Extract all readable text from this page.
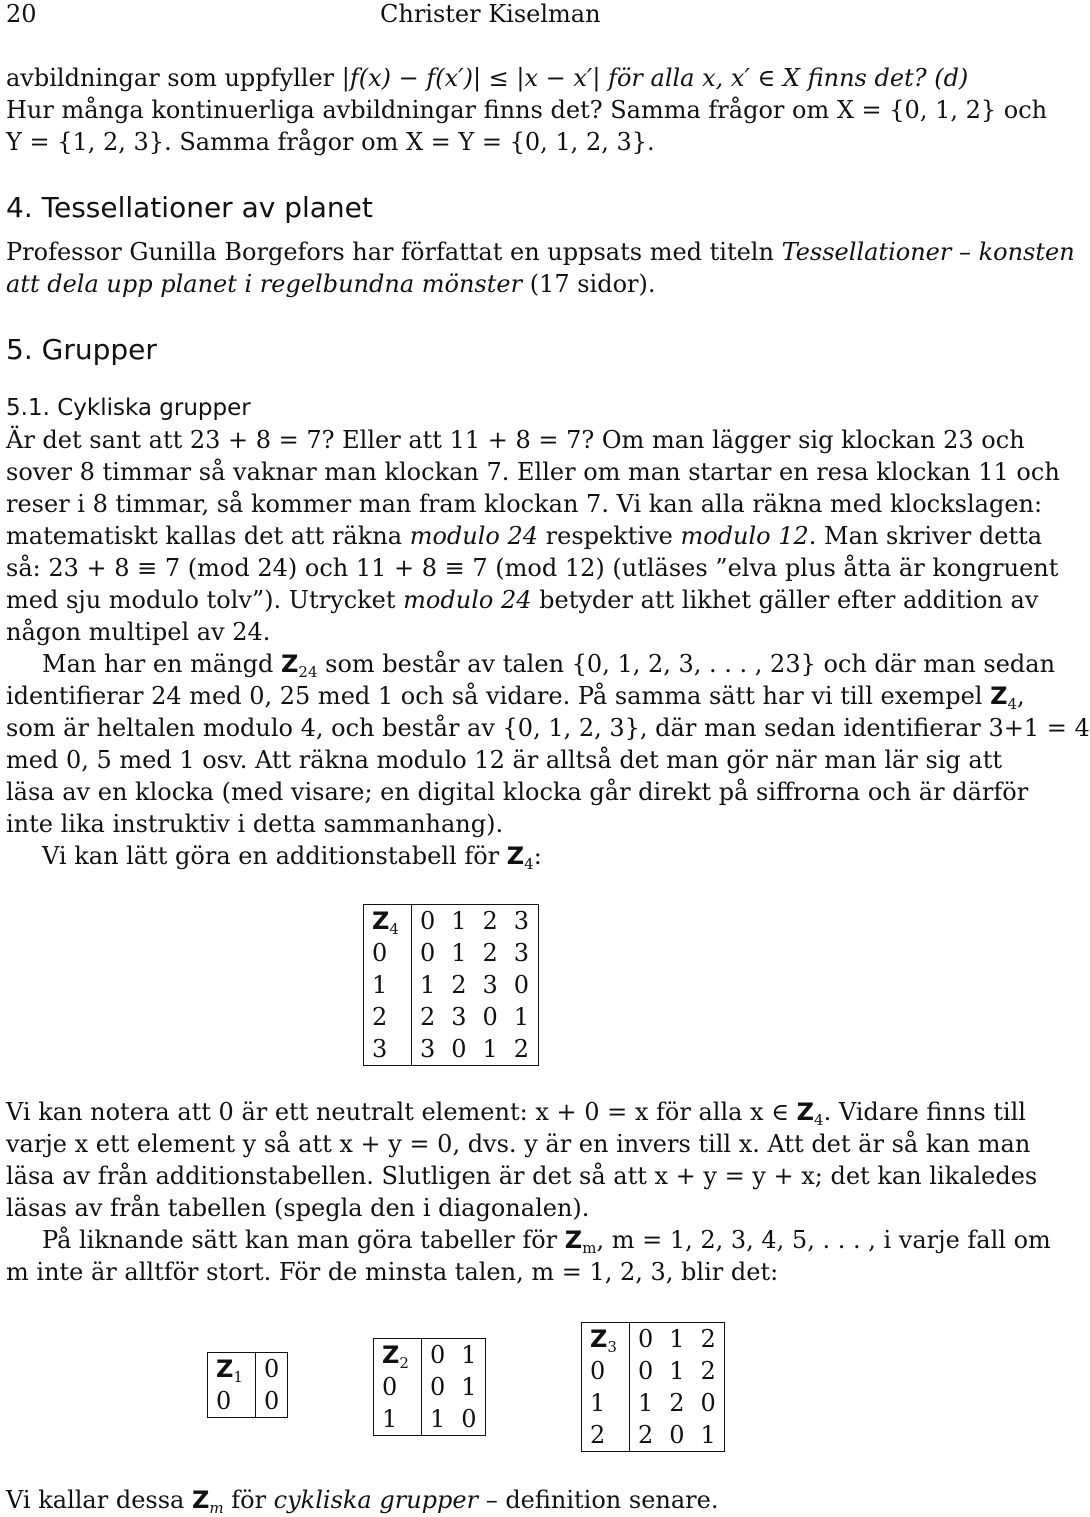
20	Christer Kiselman
avbildningar som uppfyller |f(x) − f(x′)| ≤ |x − x′| för alla x, x′ ∈ X finns det? (d)
Hur många kontinuerliga avbildningar finns det? Samma frågor om X = {0, 1, 2} och
Y = {1, 2, 3}. Samma frågor om X = Y = {0, 1, 2, 3}.
4. Tessellationer av planet
Professor Gunilla Borgefors har författat en uppsats med titeln Tessellationer – konsten
att dela upp planet i regelbundna mönster (17 sidor).
5. Grupper
5.1. Cykliska grupper
Är det sant att 23 + 8 = 7? Eller att 11 + 8 = 7? Om man lägger sig klockan 23 och
sover 8 timmar så vaknar man klockan 7. Eller om man startar en resa klockan 11 och
reser i 8 timmar, så kommer man fram klockan 7. Vi kan alla räkna med klockslagen:
matematiskt kallas det att räkna modulo 24 respektive modulo 12. Man skriver detta
så: 23 + 8 ≡ 7 (mod 24) och 11 + 8 ≡ 7 (mod 12) (utläses ”elva plus åtta är kongruent
med sju modulo tolv”). Utrycket modulo 24 betyder att likhet gäller efter addition av
någon multipel av 24.
Man har en mängd $Z_{24}$ som består av talen {0, 1, 2, 3, . . . , 23} och där man sedan
identifierar 24 med 0, 25 med 1 och så vidare. På samma sätt har vi till exempel $Z_4$,
som är heltalen modulo 4, och består av {0, 1, 2, 3}, där man sedan identifierar 3+1 = 4
med 0, 5 med 1 osv. Att räkna modulo 12 är alltså det man gör när man lär sig att
läsa av en klocka (med visare; en digital klocka går direkt på siffrorna och är därför
inte lika instruktiv i detta sammanhang).
Vi kan lätt göra en additionstabell för $Z_4$:
$Z_4$	0	1	2	3
0	0	1	2	3
1	1	2	3	0
2	2	3	0	1
3	3	0	1	2
Vi kan notera att 0 är ett neutralt element: x + 0 = x för alla x ∈ $Z_4$. Vidare finns till
varje x ett element y så att x + y = 0, dvs. y är en invers till x. Att det är så kan man
läsa av från additionstabellen. Slutligen är det så att x + y = y + x; det kan likaledes
läsas av från tabellen (spegla den i diagonalen).
På liknande sätt kan man göra tabeller för $Z_m$, m = 1, 2, 3, 4, 5, . . . , i varje fall om
m inte är alltför stort. För de minsta talen, m = 1, 2, 3, blir det:
$Z_1$	0
0	0
$Z_2$	0	1
0	0	1
1	1	0
$Z_3$	0	1	2
0	0	1	2
1	1	2	0
2	2	0	1
Vi kallar dessa $Z_m$ för cykliska grupper – definition senare.
